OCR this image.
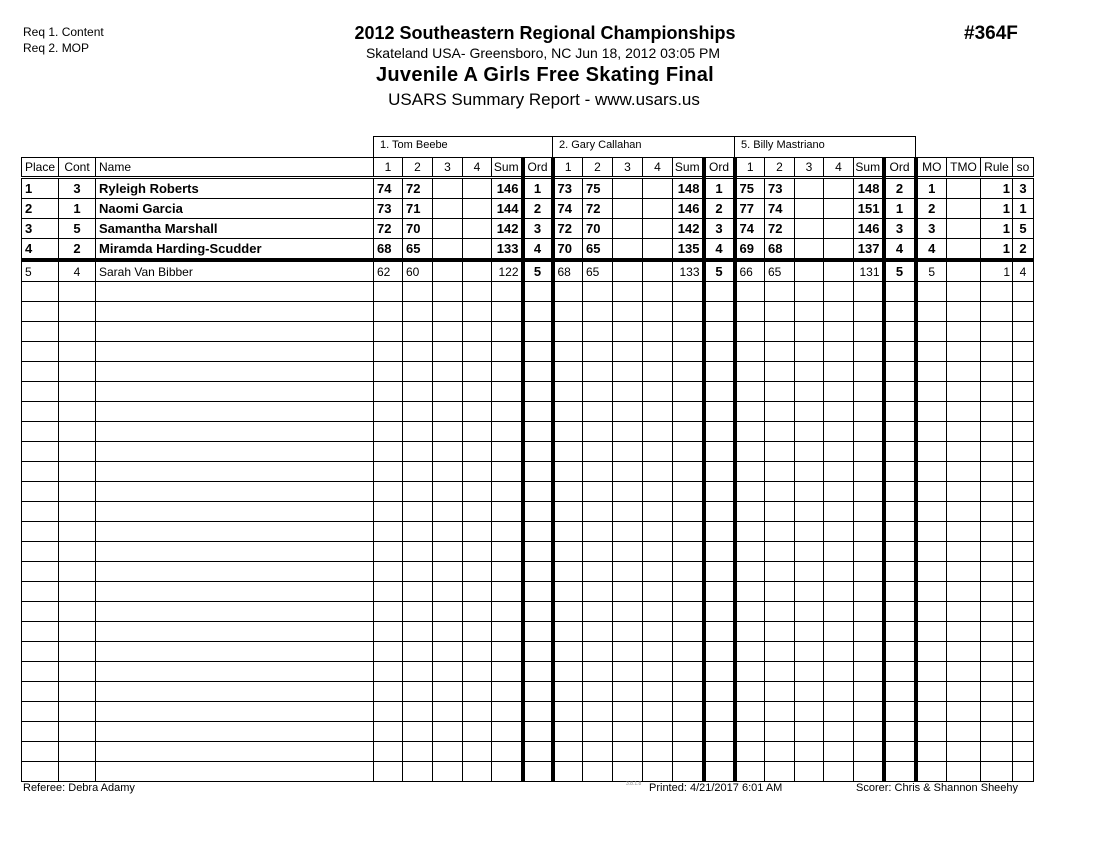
Req 1. Content
Req 2. MOP
2012 Southeastern Regional Championships
Skateland USA- Greensboro, NC Jun 18, 2012 03:05 PM
Juvenile A Girls Free Skating Final
USARS Summary Report - www.usars.us
#364F
1. Tom Beebe	2. Gary Callahan	5. Billy Mastriano
Place	Cont	Name	1	2	3	4	Sum	Ord	1	2	3	4	Sum	Ord	1	2	3	4	Sum	Ord	MO	TMO	Rule	so
1	3	Ryleigh Roberts	74	72			146	1	73	75			148	1	75	73			148	2	1		1	3
2	1	Naomi Garcia	73	71			144	2	74	72			146	2	77	74			151	1	2		1	1
3	5	Samantha Marshall	72	70			142	3	72	70			142	3	74	72			146	3	3		1	5
4	2	Miramda Harding-Scudder	68	65			133	4	70	65			135	4	69	68			137	4	4		1	2
5	4	Sarah Van Bibber	62	60			122	5	68	65			133	5	66	65			131	5	5		1	4

Referee: Debra Adamy	3.8.1.8 Printed: 4/21/2017 6:01 AM	Scorer: Chris & Shannon Sheehy
